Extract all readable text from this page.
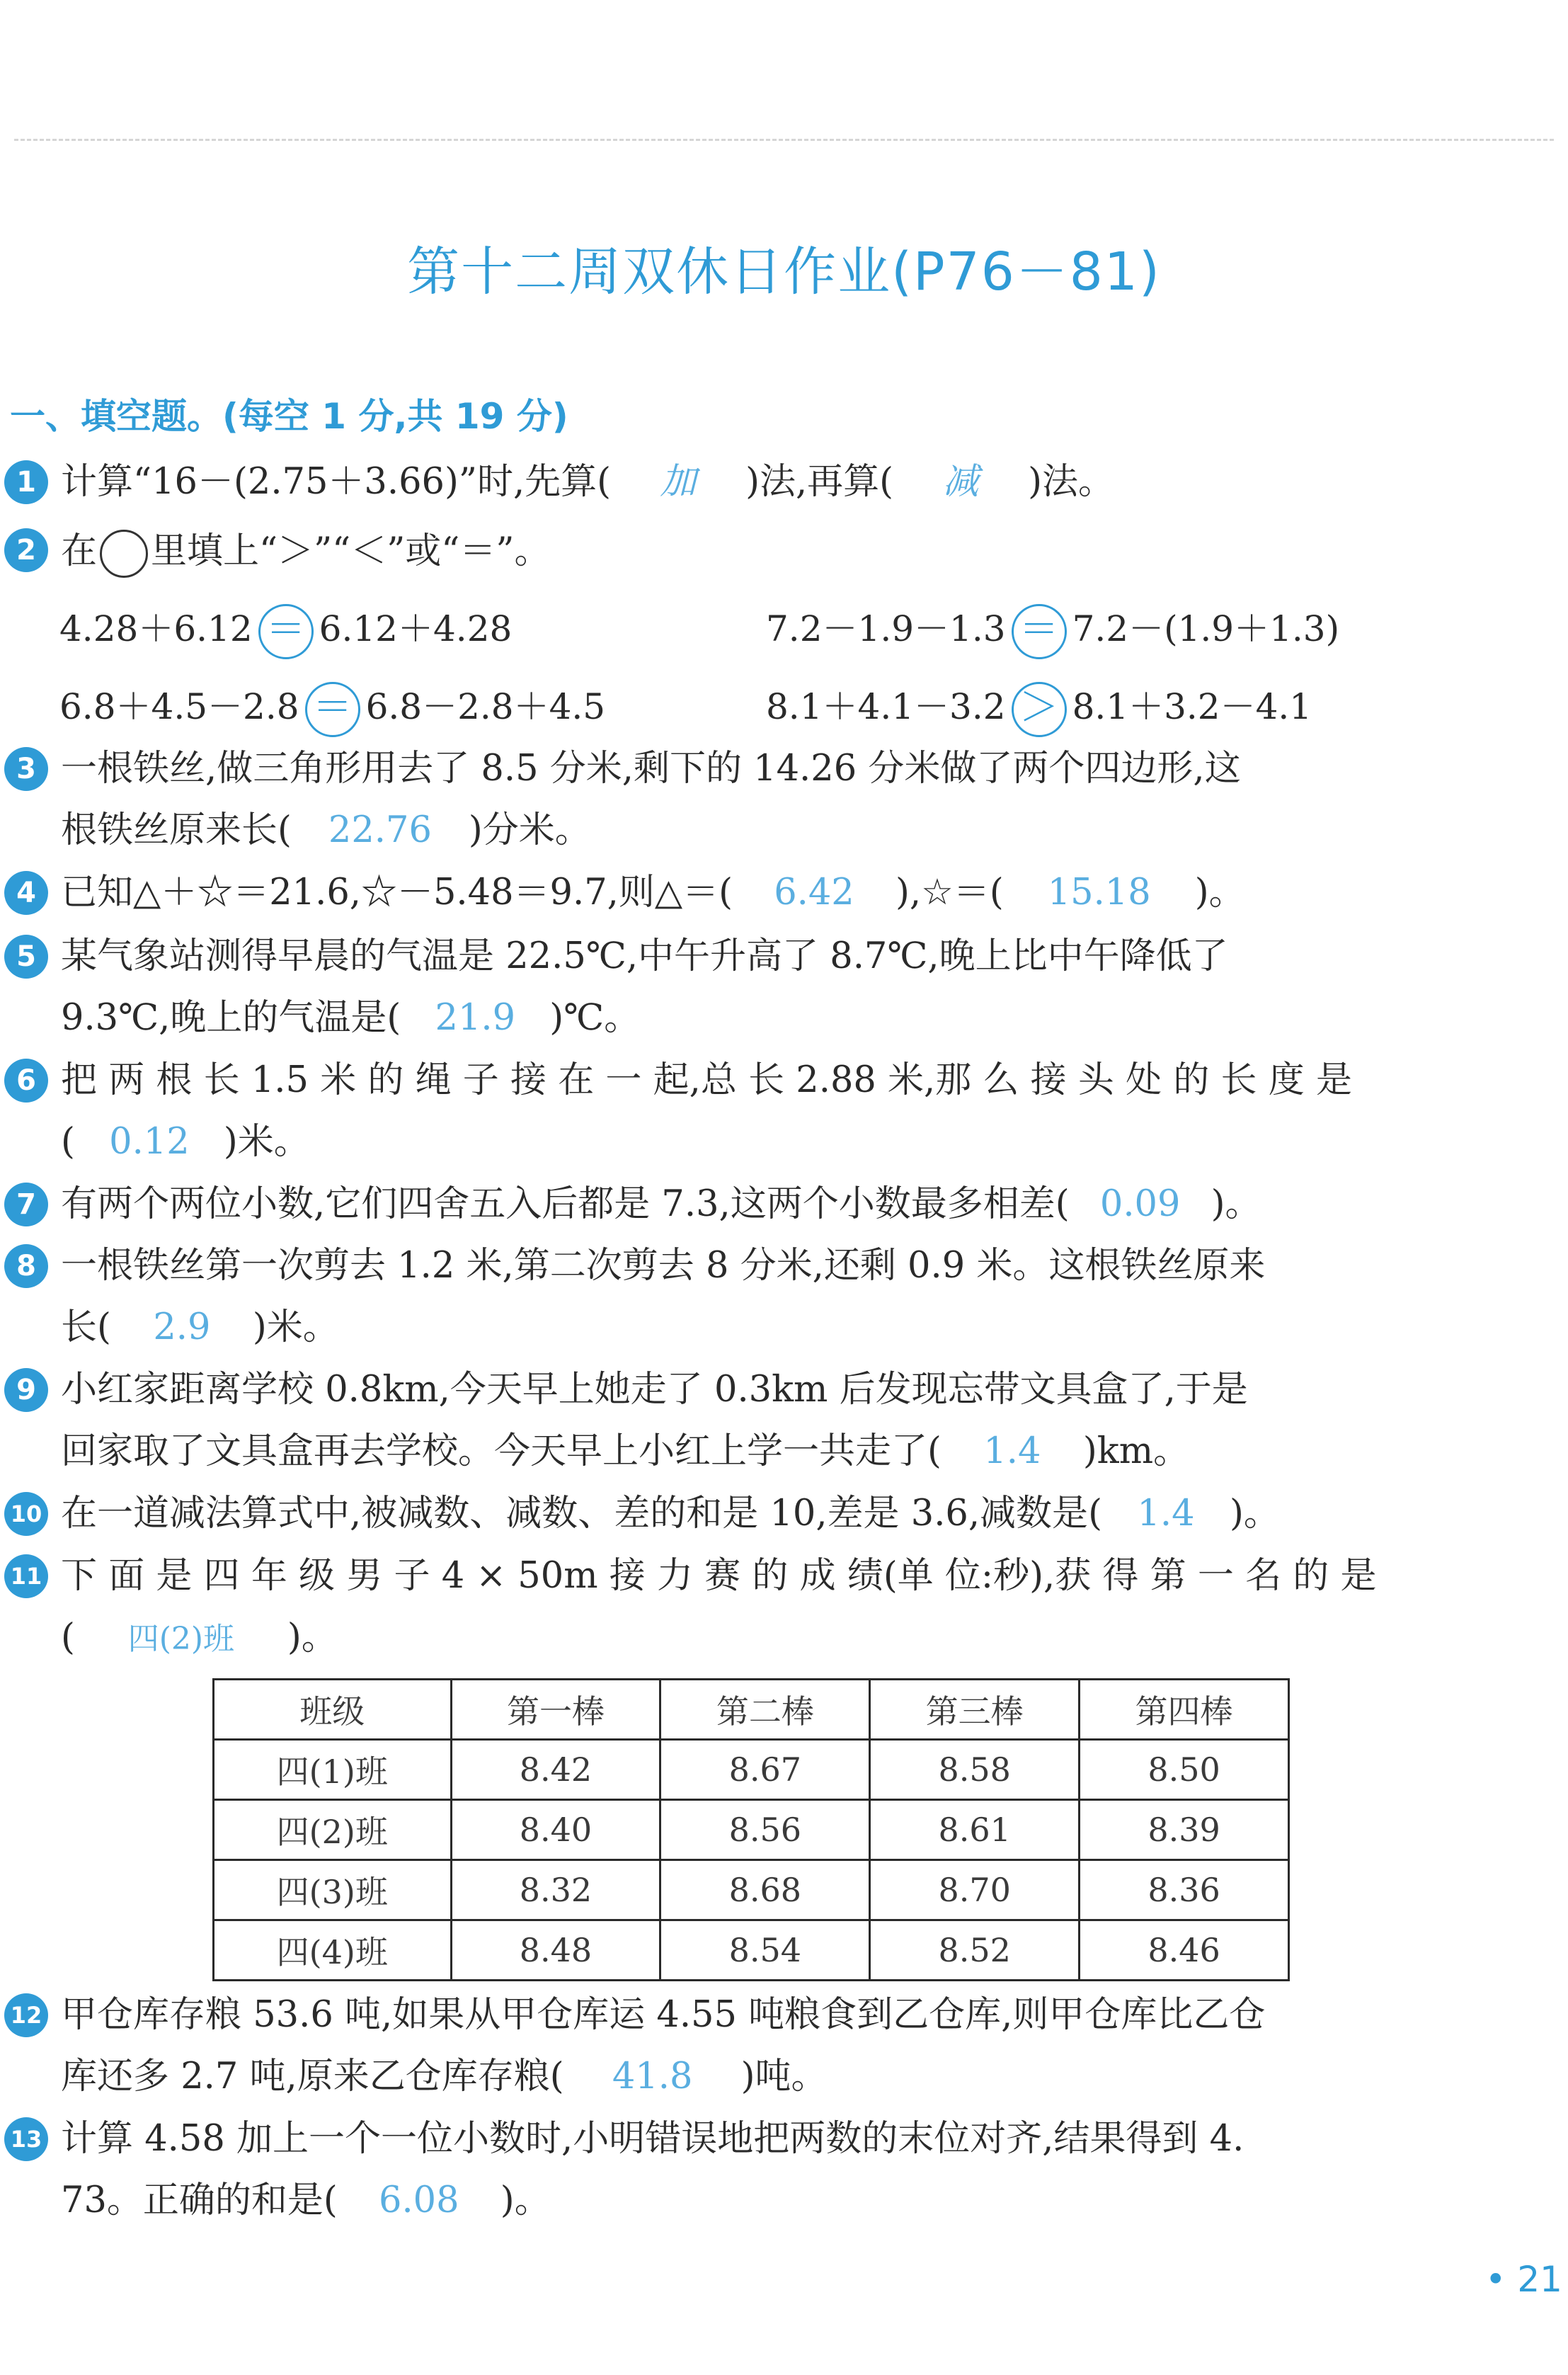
第十二周双休日作业(P76－81)
一、填空题。(每空 1 分,共 19 分)
1 计算“16－(2.75＋3.66)”时,先算( 加 )法,再算( 减 )法。
2 在 里填上“＞”“＜”或“＝”。
4.28＋6.12 ＝ 6.12＋4.28	7.2－1.9－1.3 ＝ 7.2－(1.9＋1.3)
6.8＋4.5－2.8 ＝ 6.8－2.8＋4.5	8.1＋4.1－3.2 ＞ 8.1＋3.2－4.1
3 一根铁丝,做三角形用去了 8.5 分米,剩下的 14.26 分米做了两个四边形,这
根铁丝原来长( 22.76 )分米。
4 已知△＋☆＝21.6,☆－5.48＝9.7,则△＝( 6.42 ),☆＝( 15.18 )。
5 某气象站测得早晨的气温是 22.5℃,中午升高了 8.7℃,晚上比中午降低了
9.3℃,晚上的气温是( 21.9 )℃。
6 把 两 根 长 1.5 米 的 绳 子 接 在 一 起,总 长 2.88 米,那 么 接 头 处 的 长 度 是
( 0.12 )米。
7 有两个两位小数,它们四舍五入后都是 7.3,这两个小数最多相差( 0.09 )。
8 一根铁丝第一次剪去 1.2 米,第二次剪去 8 分米,还剩 0.9 米。这根铁丝原来
长( 2.9 )米。
9 小红家距离学校 0.8km,今天早上她走了 0.3km 后发现忘带文具盒了,于是
回家取了文具盒再去学校。今天早上小红上学一共走了( 1.4 )km。
10 在一道减法算式中,被减数、减数、差的和是 10,差是 3.6,减数是( 1.4 )。
11 下 面 是 四 年 级 男 子 4 × 50m 接 力 赛 的 成 绩(单 位:秒),获 得 第 一 名 的 是
( 四(2)班 )。
班级	第一棒	第二棒	第三棒	第四棒
四(1)班	8.42	8.67	8.58	8.50
四(2)班	8.40	8.56	8.61	8.39
四(3)班	8.32	8.68	8.70	8.36
四(4)班	8.48	8.54	8.52	8.46
12 甲仓库存粮 53.6 吨,如果从甲仓库运 4.55 吨粮食到乙仓库,则甲仓库比乙仓
库还多 2.7 吨,原来乙仓库存粮( 41.8 )吨。
13 计算 4.58 加上一个一位小数时,小明错误地把两数的末位对齐,结果得到 4.
73。正确的和是( 6.08 )。
• 21
